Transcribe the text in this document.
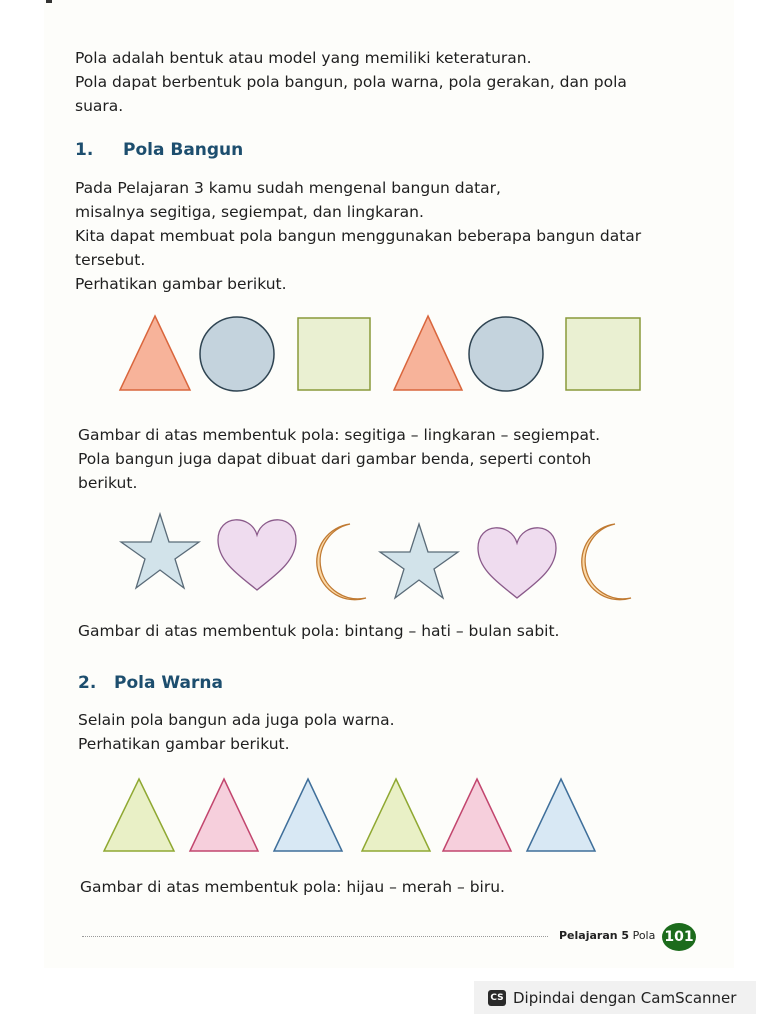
Pola adalah bentuk atau model yang memiliki keteraturan.
Pola dapat berbentuk pola bangun, pola warna, pola gerakan, dan pola
suara.
1. Pola Bangun
Pada Pelajaran 3 kamu sudah mengenal bangun datar,
misalnya segitiga, segiempat, dan lingkaran.
Kita dapat membuat pola bangun menggunakan beberapa bangun datar
tersebut.
Perhatikan gambar berikut.
Gambar di atas membentuk pola: segitiga – lingkaran – segiempat.
Pola bangun juga dapat dibuat dari gambar benda, seperti contoh
berikut.
Gambar di atas membentuk pola: bintang – hati – bulan sabit.
2. Pola Warna
Selain pola bangun ada juga pola warna.
Perhatikan gambar berikut.
Gambar di atas membentuk pola: hijau – merah – biru.
Pelajaran 5 Pola 101
CS Dipindai dengan CamScanner
